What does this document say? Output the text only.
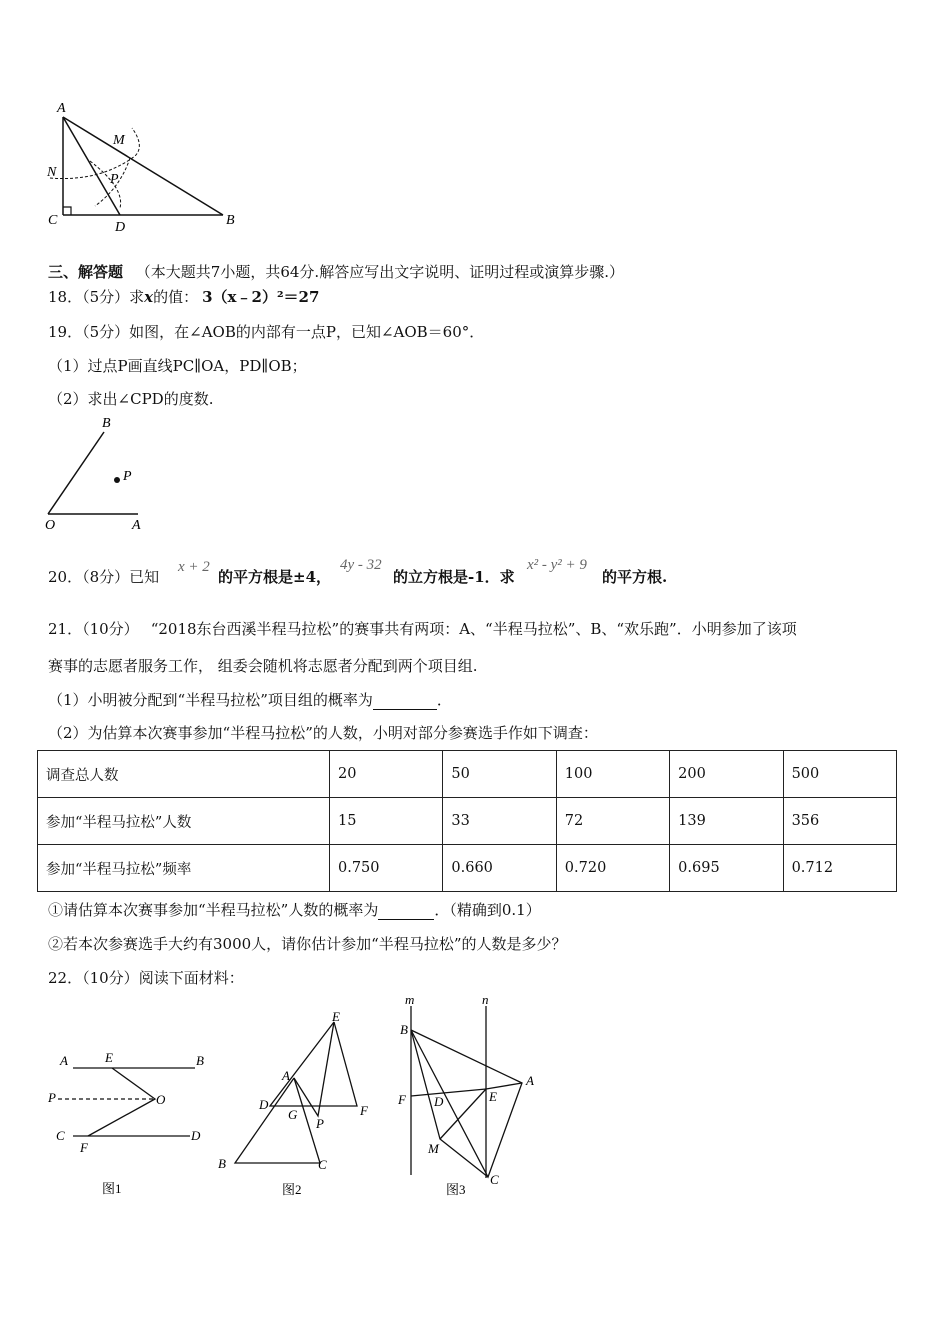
A
M
N	P
C	D	B
三、解答题 （本大题共7小题，共64分.解答应写出文字说明、证明过程或演算步骤.）
18．（5分）求x的值： 3（x﹣2）²＝27
19．（5分）如图，在∠AOB的内部有一点P，已知∠AOB＝60°．
（1）过点P画直线PC∥OA，PD∥OB；
（2）求出∠CPD的度数.
B
P
O	A
20．（8分）已知
x + 2
的平方根是±4，
4y - 32
的立方根是-1．求
x² - y² + 9
的平方根.
21．（10分） “2018东台西溪半程马拉松”的赛事共有两项：A、“半程马拉松”、B、“欢乐跑”．小明参加了该项
赛事的志愿者服务工作， 组委会随机将志愿者分配到两个项目组.
（1）小明被分配到“半程马拉松”项目组的概率为	．
（2）为估算本次赛事参加“半程马拉松”的人数，小明对部分参赛选手作如下调查：
调查总人数	20	50	100	200	500
参加“半程马拉松”人数	15	33	72	139	356
参加“半程马拉松”频率	0.750	0.660	0.720	0.695	0.712
①请估算本次赛事参加“半程马拉松”人数的概率为	．（精确到0.1）
②若本次参赛选手大约有3000人，请你估计参加“半程马拉松”的人数是多少？
22．（10分）阅读下面材料：
A	E	B
P	O
C
F
D
图1
E
A
D
G	F
P
B	C
图2
m	n
B
A
F D	E
M
C
图3
